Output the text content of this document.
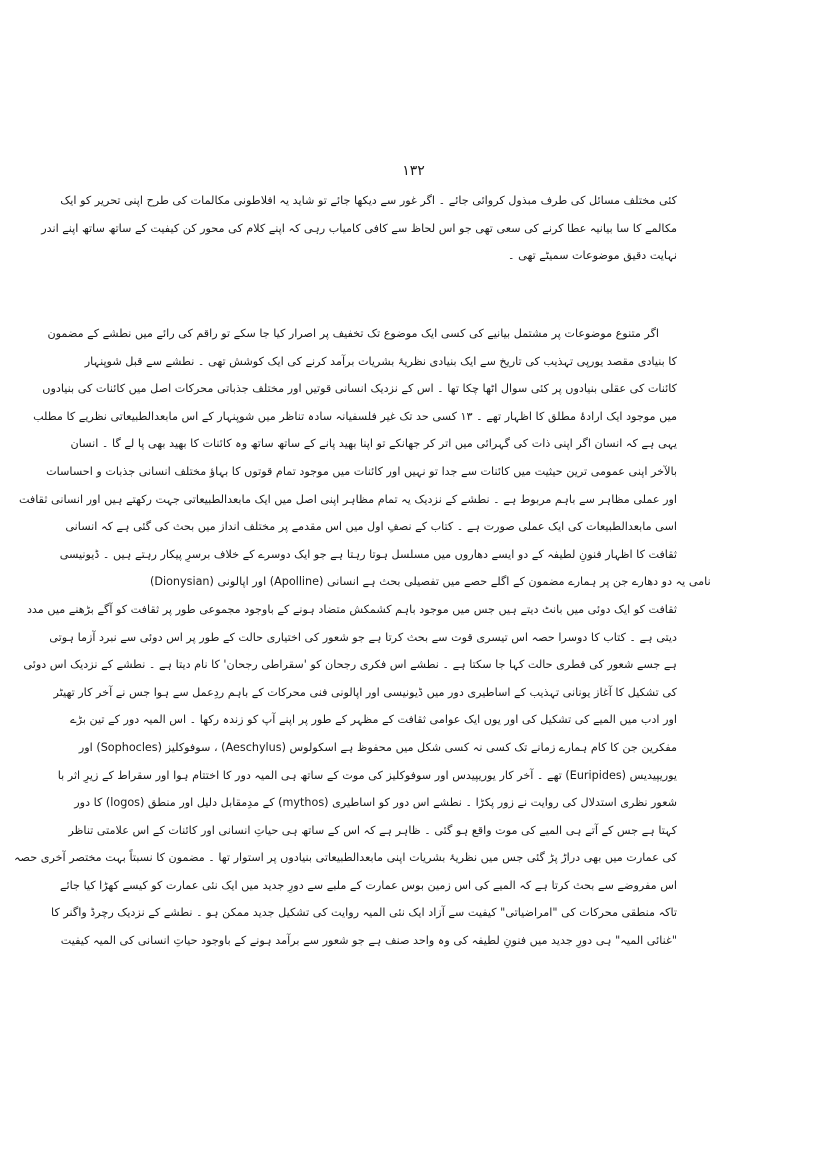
۱۳۲
کئی مختلف مسائل کی طرف مبذول کروائی جائے ۔ اگر غور سے دیکھا جائے تو شاید یہ افلاطونی مکالمات کی طرح اپنی تحریر کو ایک
مکالمے کا سا بیانیہ عطا کرنے کی سعی تھی جو اس لحاظ سے کافی کامیاب رہی کہ اپنے کلام کی محور کن کیفیت کے ساتھ ساتھ اپنے اندر
نہایت دقیق موضوعات سمیٹے تھی ۔
اگر متنوع موضوعات پر مشتمل بیانیے کی کسی ایک موضوع تک تخفیف پر اصرار کیا جا سکے تو راقم کی رائے میں نطشے کے مضمون
کا بنیادی مقصد یورپی تہذیب کی تاریخ سے ایک بنیادی نظریۂ بشریات برآمد کرنے کی ایک کوشش تھی ۔ نطشے سے قبل شوپنہار
کائنات کی عقلی بنیادوں پر کئی سوال اٹھا چکا تھا ۔ اس کے نزدیک انسانی قوتیں اور مختلف جذباتی محرکات اصل میں کائنات کی بنیادوں
میں موجود ایک ارادۂ مطلق کا اظہار تھے ۔ ۱۳ کسی حد تک غیر فلسفیانہ سادہ تناظر میں شوپنہار کے اس مابعدالطبیعاتی نظریے کا مطلب
یہی ہے کہ انسان اگر اپنی ذات کی گہرائی میں اتر کر جھانکے تو اپنا بھید پانے کے ساتھ ساتھ وہ کائنات کا بھید بھی پا لے گا ۔ انسان
بالآخر اپنی عمومی ترین حیثیت میں کائنات سے جدا تو نہیں اور کائنات میں موجود تمام قوتوں کا بہاؤ مختلف انسانی جذبات و احساسات
اور عملی مظاہر سے باہم مربوط ہے ۔ نطشے کے نزدیک یہ تمام مظاہر اپنی اصل میں ایک مابعدالطبیعاتی جہت رکھتے ہیں اور انسانی ثقافت
اسی مابعدالطبیعات کی ایک عملی صورت ہے ۔ کتاب کے نصفِ اول میں اس مقدمے پر مختلف انداز میں بحث کی گئی ہے کہ انسانی
ثقافت کا اظہار فنونِ لطیفہ کے دو ایسے دھاروں میں مسلسل ہوتا رہتا ہے جو ایک دوسرے کے خلاف برسرِ پیکار رہتے ہیں ۔ ڈیونیسی
(Dionysian) اور اپالونی (Apolline) نامی یہ دو دھارے جن پر ہمارے مضمون کے اگلے حصے میں تفصیلی بحث ہے انسانی
ثقافت کو ایک دوئی میں بانٹ دیتے ہیں جس میں موجود باہم کشمکش متضاد ہونے کے باوجود مجموعی طور پر ثقافت کو آگے بڑھنے میں مدد
دیتی ہے ۔ کتاب کا دوسرا حصہ اس تیسری قوت سے بحث کرتا ہے جو شعور کی اختیاری حالت کے طور پر اس دوئی سے نبرد آزما ہوتی
ہے جسے شعور کی فطری حالت کہا جا سکتا ہے ۔ نطشے اس فکری رجحان کو 'سقراطی رجحان' کا نام دیتا ہے ۔ نطشے کے نزدیک اس دوئی
کی تشکیل کا آغاز یونانی تہذیب کے اساطیری دور میں ڈیونیسی اور اپالونی فنی محرکات کے باہم ردِعمل سے ہوا جس نے آخر کار تھیٹر
اور ادب میں المیے کی تشکیل کی اور یوں ایک عوامی ثقافت کے مظہر کے طور پر اپنے آپ کو زندہ رکھا ۔ اس المیہ دور کے تین بڑے
مفکرین جن کا کام ہمارے زمانے تک کسی نہ کسی شکل میں محفوظ ہے اسکولوس (Aeschylus) ، سوفوکلیز (Sophocles) اور
یوریپیدیس (Euripides) تھے ۔ آخر کار یوریپیدس اور سوفوکلیز کی موت کے ساتھ ہی المیہ دور کا اختتام ہوا اور سقراط کے زیرِ اثر با
شعور نظری استدلال کی روایت نے زور پکڑا ۔ نطشے اس دور کو اساطیری (mythos) کے مدِمقابل دلیل اور منطق (logos) کا دور
کہتا ہے جس کے آتے ہی المیے کی موت واقع ہو گئی ۔ ظاہر ہے کہ اس کے ساتھ ہی حیاتِ انسانی اور کائنات کے اس علامتی تناظر
کی عمارت میں بھی دراڑ پڑ گئی جس میں نظریۂ بشریات اپنی مابعدالطبیعاتی بنیادوں پر استوار تھا ۔ مضمون کا نسبتاً بہت مختصر آخری حصہ
اس مفروضے سے بحث کرتا ہے کہ المیے کی اس زمین بوس عمارت کے ملبے سے دورِ جدید میں ایک نئی عمارت کو کیسے کھڑا کیا جائے
تاکہ منطقی محرکات کی "امراضیاتی" کیفیت سے آزاد ایک نئی المیہ روایت کی تشکیل جدید ممکن ہو ۔ نطشے کے نزدیک رچرڈ واگنر کا
"غنائی المیہ" ہی دورِ جدید میں فنونِ لطیفہ کی وہ واحد صنف ہے جو شعور سے برآمد ہونے کے باوجود حیاتِ انسانی کی المیہ کیفیت
